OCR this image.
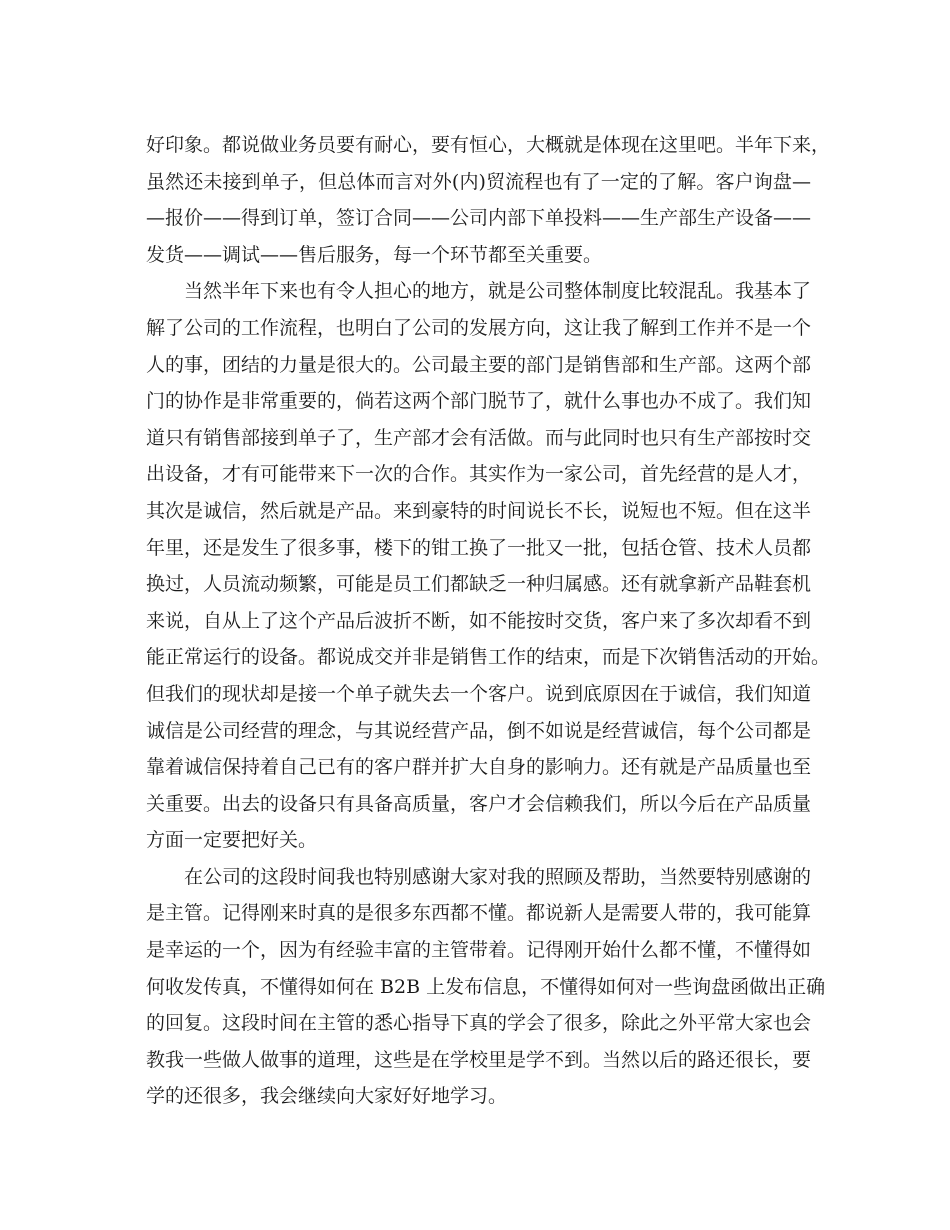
好印象。都说做业务员要有耐心，要有恒心，大概就是体现在这里吧。半年下来，
虽然还未接到单子，但总体而言对外(内)贸流程也有了一定的了解。客户询盘—
—报价——得到订单，签订合同——公司内部下单投料——生产部生产设备——
发货——调试——售后服务，每一个环节都至关重要。
当然半年下来也有令人担心的地方，就是公司整体制度比较混乱。我基本了
解了公司的工作流程，也明白了公司的发展方向，这让我了解到工作并不是一个
人的事，团结的力量是很大的。公司最主要的部门是销售部和生产部。这两个部
门的协作是非常重要的，倘若这两个部门脱节了，就什么事也办不成了。我们知
道只有销售部接到单子了，生产部才会有活做。而与此同时也只有生产部按时交
出设备，才有可能带来下一次的合作。其实作为一家公司，首先经营的是人才，
其次是诚信，然后就是产品。来到豪特的时间说长不长，说短也不短。但在这半
年里，还是发生了很多事，楼下的钳工换了一批又一批，包括仓管、技术人员都
换过，人员流动频繁，可能是员工们都缺乏一种归属感。还有就拿新产品鞋套机
来说，自从上了这个产品后波折不断，如不能按时交货，客户来了多次却看不到
能正常运行的设备。都说成交并非是销售工作的结束，而是下次销售活动的开始。
但我们的现状却是接一个单子就失去一个客户。说到底原因在于诚信，我们知道
诚信是公司经营的理念，与其说经营产品，倒不如说是经营诚信，每个公司都是
靠着诚信保持着自己已有的客户群并扩大自身的影响力。还有就是产品质量也至
关重要。出去的设备只有具备高质量，客户才会信赖我们，所以今后在产品质量
方面一定要把好关。
在公司的这段时间我也特别感谢大家对我的照顾及帮助，当然要特别感谢的
是主管。记得刚来时真的是很多东西都不懂。都说新人是需要人带的，我可能算
是幸运的一个，因为有经验丰富的主管带着。记得刚开始什么都不懂，不懂得如
何收发传真，不懂得如何在 B2B 上发布信息，不懂得如何对一些询盘函做出正确
的回复。这段时间在主管的悉心指导下真的学会了很多，除此之外平常大家也会
教我一些做人做事的道理，这些是在学校里是学不到。当然以后的路还很长，要
学的还很多，我会继续向大家好好地学习。
